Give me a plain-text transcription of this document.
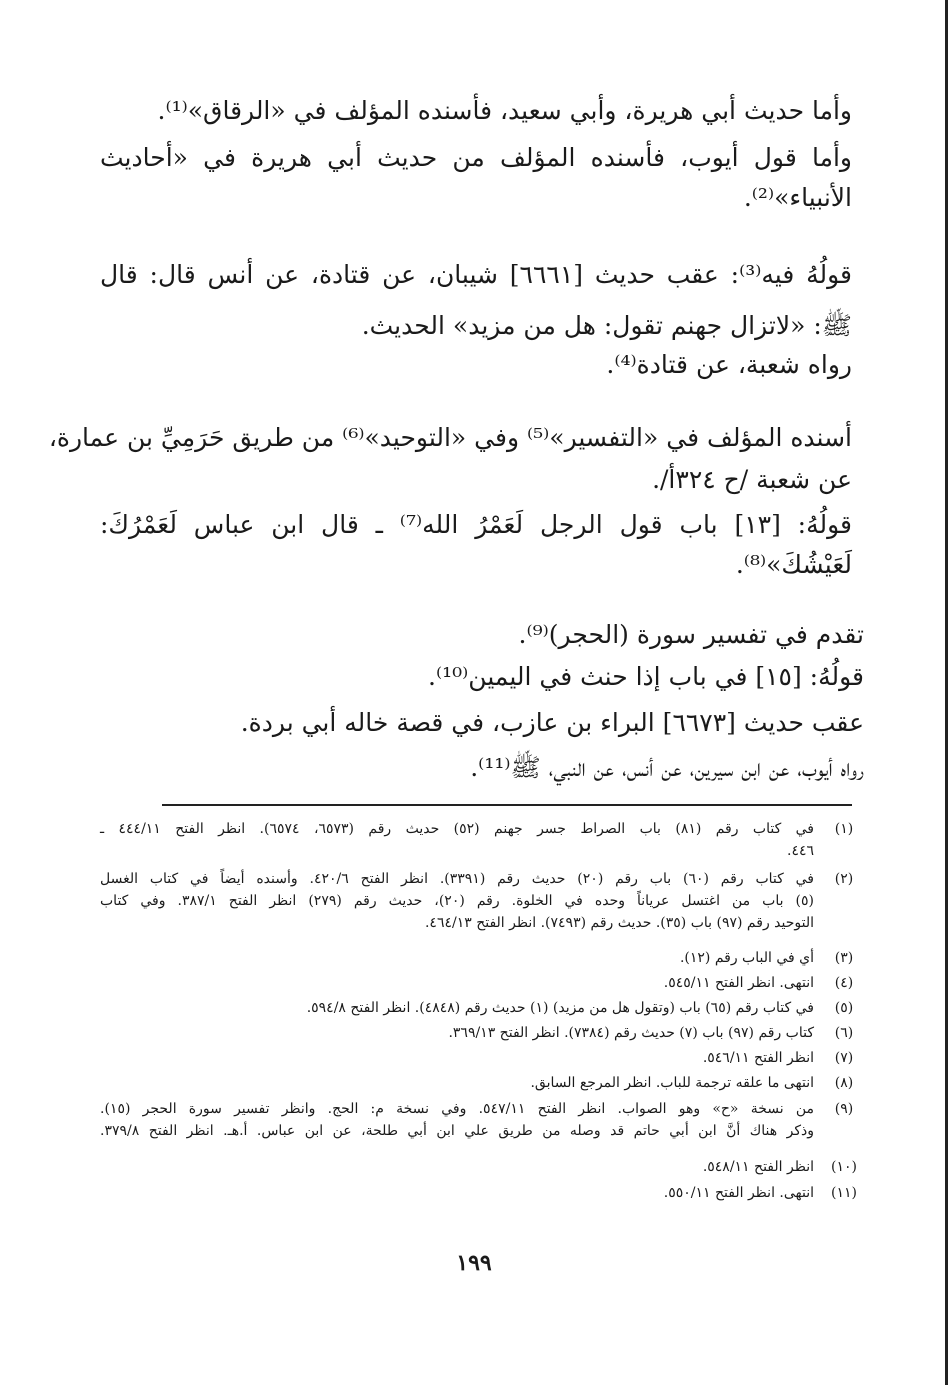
وأما حديث أبي هريرة، وأبي سعيد، فأسنده المؤلف في «الرقاق»⁽¹⁾.
وأما قول أيوب، فأسنده المؤلف من حديث أبي هريرة في «أحاديث
الأنبياء»⁽²⁾.
قولُهُ فيه⁽³⁾: عقب حديث [٦٦٦١] شيبان، عن قتادة، عن أنس قال: قال
ﷺ: «لاتزال جهنم تقول: هل من مزيد» الحديث.
رواه شعبة، عن قتادة⁽⁴⁾.
أسنده المؤلف في «التفسير»⁽⁵⁾ وفي «التوحيد»⁽⁶⁾ من طريق حَرَمِيِّ بن عمارة،
عن شعبة /ح ٣٢٤أ/.
قولُهُ: [١٣] باب قول الرجل لَعَمْرُ الله⁽⁷⁾ ـ قال ابن عباس لَعَمْرُكَ:
لَعَيْشُكَ»⁽⁸⁾.
تقدم في تفسير سورة (الحجر)⁽⁹⁾.
قولُهُ: [١٥] في باب إذا حنث في اليمين⁽¹⁰⁾.
عقب حديث [٦٦٧٣] البراء بن عازب، في قصة خاله أبي بردة.
رواه أيوب، عن ابن سيرين، عن أنس، عن النبي، ﷺ⁽¹¹⁾.
(١)
في كتاب رقم (٨١) باب الصراط جسر جهنم (٥٢) حديث رقم (٦٥٧٣، ٦٥٧٤). انظر الفتح ٤٤٤/١١ ـ
٤٤٦.
(٢)
في كتاب رقم (٦٠) باب رقم (٢٠) حديث رقم (٣٣٩١). انظر الفتح ٤٢٠/٦. وأسنده أيضاً في كتاب الغسل
(٥) باب من اغتسل عرياناً وحده في الخلوة. رقم (٢٠)، حديث رقم (٢٧٩) انظر الفتح ٣٨٧/١. وفي كتاب
التوحيد رقم (٩٧) باب (٣٥). حديث رقم (٧٤٩٣). انظر الفتح ٤٦٤/١٣.
(٣)
أي في الباب رقم (١٢).
(٤)
انتهى. انظر الفتح ٥٤٥/١١.
(٥)
في كتاب رقم (٦٥) باب (وتقول هل من مزيد) (١) حديث رقم (٤٨٤٨). انظر الفتح ٥٩٤/٨.
(٦)
كتاب رقم (٩٧) باب (٧) حديث رقم (٧٣٨٤). انظر الفتح ٣٦٩/١٣.
(٧)
انظر الفتح ٥٤٦/١١.
(٨)
انتهى ما علقه ترجمة للباب. انظر المرجع السابق.
(٩)
من نسخة «ح» وهو الصواب. انظر الفتح ٥٤٧/١١. وفي نسخة م: الحج. وانظر تفسير سورة الحجر (١٥).
وذكر هناك أنَّ ابن أبي حاتم قد وصله من طريق علي ابن أبي طلحة، عن ابن عباس. أ.هـ. انظر الفتح ٣٧٩/٨.
(١٠)
انظر الفتح ٥٤٨/١١.
(١١)
انتهى. انظر الفتح ٥٥٠/١١.
١٩٩
